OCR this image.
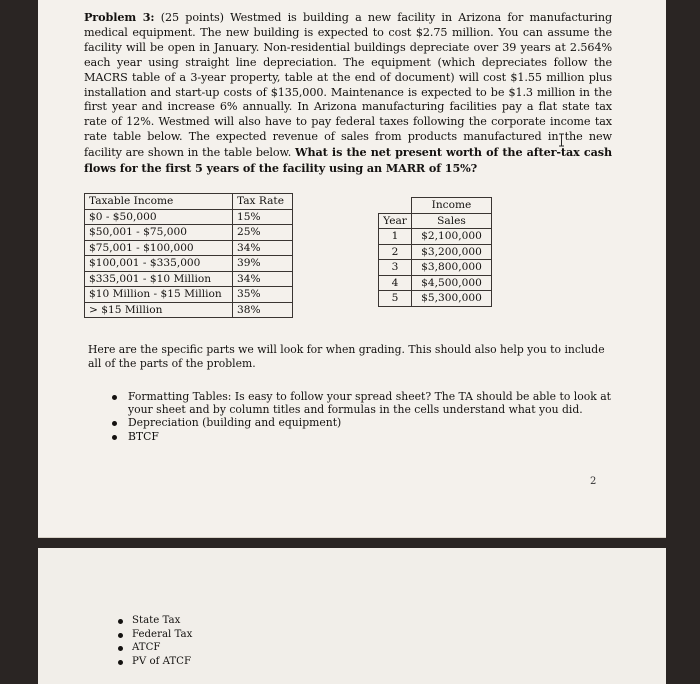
Problem 3: (25 points) Westmed is building a new facility in Arizona for manufacturing medical equipment. The new building is expected to cost $2.75 million. You can assume the facility will be open in January. Non-residential buildings depreciate over 39 years at 2.564% each year using straight line depreciation. The equipment (which depreciates follow the MACRS table of a 3-year property, table at the end of document) will cost $1.55 million plus installation and start-up costs of $135,000. Maintenance is expected to be $1.3 million in the first year and increase 6% annually. In Arizona manufacturing facilities pay a flat state tax rate of 12%. Westmed will also have to pay federal taxes following the corporate income tax rate table below. The expected revenue of sales from products manufactured in the new facility are shown in the table below. What is the net present worth of the after-tax cash flows for the first 5 years of the facility using an MARR of 15%?

Taxable Income	Tax Rate
$0 - $50,000	15%
$50,001 - $75,000	25%
$75,001 - $100,000	34%
$100,001 - $335,000	39%
$335,001 - $10 Million	34%
$10 Million - $15 Million	35%
> $15 Million	38%
	Income
Year	Sales
1	$2,100,000
2	$3,200,000
3	$3,800,000
4	$4,500,000
5	$5,300,000

Here are the specific parts we will look for when grading. This should also help you to include all of the parts of the problem.

Formatting Tables: Is easy to follow your spread sheet? The TA should be able to look at your sheet and by column titles and formulas in the cells understand what you did.
Depreciation (building and equipment)
BTCF
2
State Tax
Federal Tax
ATCF
PV of ATCF
